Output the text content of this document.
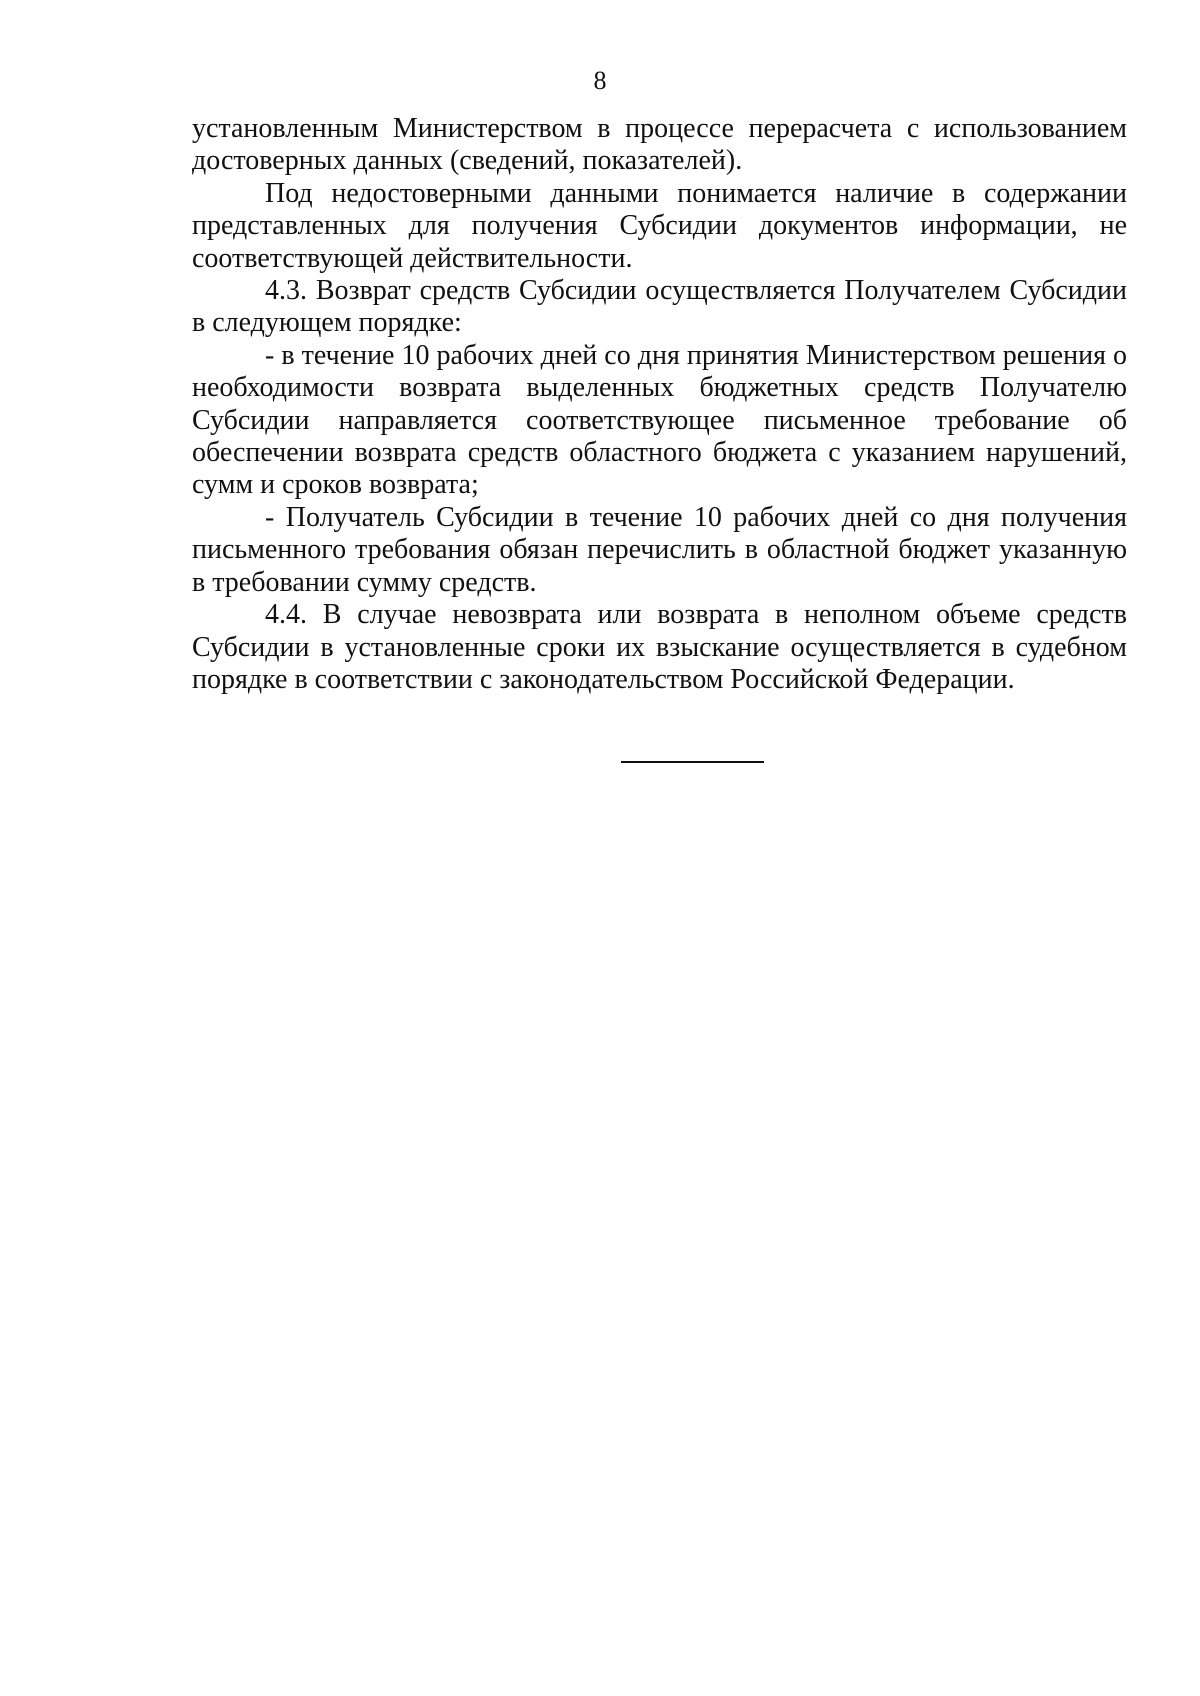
8

установленным Министерством в процессе перерасчета с использованием достоверных данных (сведений, показателей).

Под недостоверными данными понимается наличие в содержании представленных для получения Субсидии документов информации, не соответствующей действительности.

4.3. Возврат средств Субсидии осуществляется Получателем Субсидии в следующем порядке:

- в течение 10 рабочих дней со дня принятия Министерством решения о необходимости возврата выделенных бюджетных средств Получателю Субсидии направляется соответствующее письменное требование об обеспечении возврата средств областного бюджета с указанием нарушений, сумм и сроков возврата;

- Получатель Субсидии в течение 10 рабочих дней со дня получения письменного требования обязан перечислить в областной бюджет указанную в требовании сумму средств.

4.4. В случае невозврата или возврата в неполном объеме средств Субсидии в установленные сроки их взыскание осуществляется в судебном порядке в соответствии с законодательством Российской Федерации.
